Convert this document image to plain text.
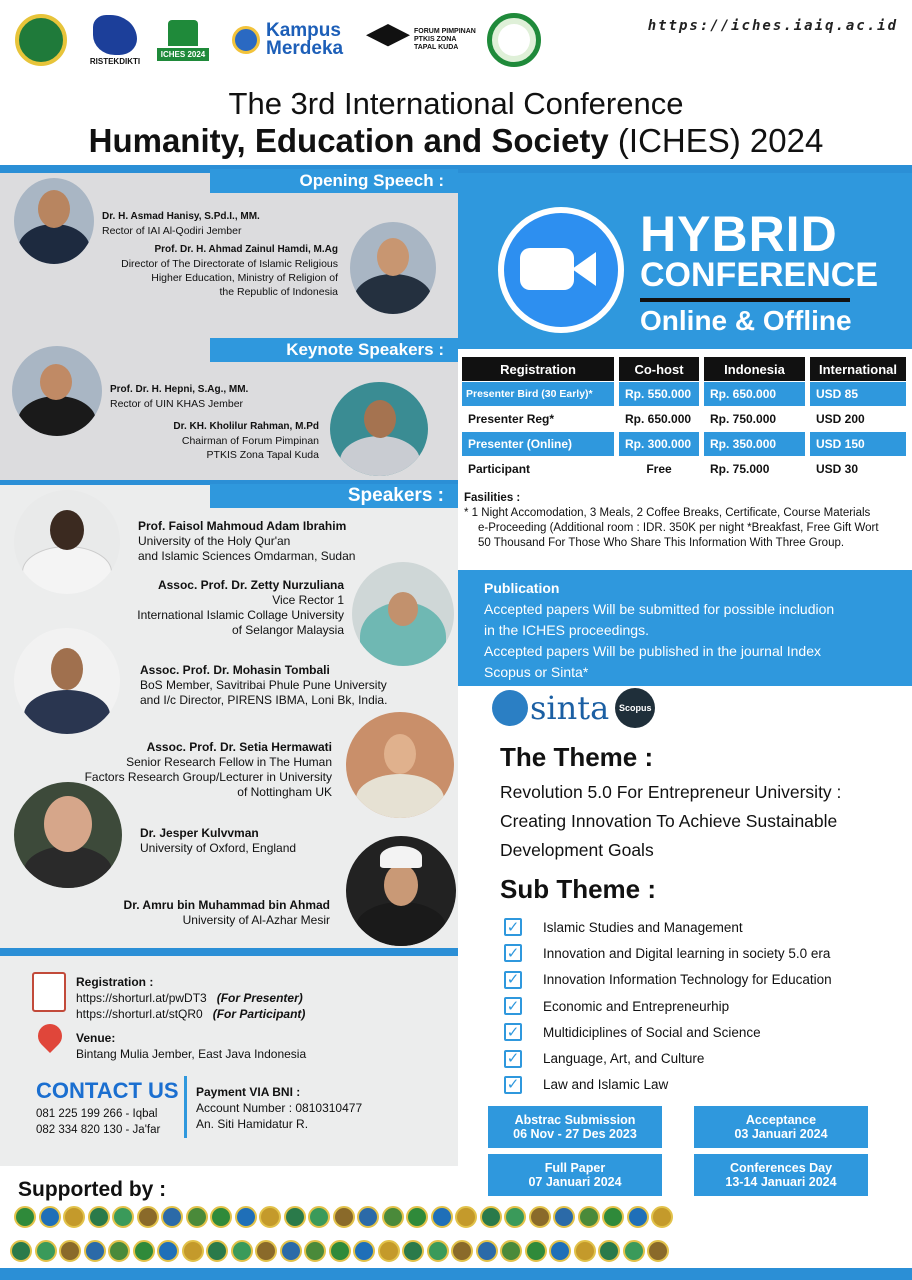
RISTEKDIKTI
ICHES 2024
Kampus Merdeka
FORUM PIMPINAN PTKIS ZONA TAPAL KUDA
https://iches.iaiq.ac.id
The 3rd International Conference
Humanity, Education and Society (ICHES) 2024
Opening Speech :
Dr. H. Asmad Hanisy, S.Pd.I., MM.
Rector of IAI Al-Qodiri Jember
Prof. Dr. H. Ahmad Zainul Hamdi, M.Ag
Director of The Directorate of Islamic Religious
Higher Education, Ministry of Religion of
the Republic of Indonesia
Keynote Speakers :
Prof. Dr. H. Hepni, S.Ag., MM.
Rector of UIN KHAS Jember
Dr. KH. Kholilur Rahman, M.Pd
Chairman of Forum Pimpinan
PTKIS Zona Tapal Kuda
Speakers :
Prof. Faisol Mahmoud Adam Ibrahim
University of the Holy Qur'an
and Islamic Sciences Omdarman, Sudan
Assoc. Prof. Dr. Zetty Nurzuliana
Vice Rector 1
International Islamic Collage University
of Selangor Malaysia
Assoc. Prof. Dr. Mohasin Tombali
BoS Member, Savitribai Phule Pune University
and I/c Director, PIRENS IBMA, Loni Bk, India.
Assoc. Prof. Dr. Setia Hermawati
Senior Research Fellow in The Human
Factors Research Group/Lecturer in University
of Nottingham UK
Dr. Jesper Kulvvman
University of Oxford, England
Dr. Amru bin Muhammad bin Ahmad
University of Al-Azhar Mesir
HYBRID
CONFERENCE
Online & Offline
Registration	Co-host	Indonesia	International
Presenter Bird (30 Early)*	Rp. 550.000	Rp. 650.000	USD 85
Presenter Reg*	Rp. 650.000	Rp. 750.000	USD 200
Presenter (Online)	Rp. 300.000	Rp. 350.000	USD 150
Participant	Free	Rp. 75.000	USD 30
Fasilities :
* 1 Night Accomodation, 3 Meals, 2 Coffee Breaks, Certificate, Course Materials
e-Proceeding (Additional room : IDR. 350K per night *Breakfast, Free Gift Wort
50 Thousand For Those Who Share This Information With Three Group.
Publication
Accepted papers Will be submitted for possible includion
in the ICHES proceedings.
Accepted papers Will be published in the journal Index
Scopus or Sinta*
sinta	Scopus
The Theme :
Revolution 5.0 For Entrepreneur University :
Creating Innovation To Achieve Sustainable
Development Goals
Sub Theme :
✓ Islamic Studies and Management
✓ Innovation and Digital learning in society 5.0 era
✓ Innovation Information Technology for Education
✓ Economic and Entrepreneurhip
✓ Multidiciplines of Social and Science
✓ Language, Art, and Culture
✓ Law and Islamic Law
Abstrac Submission
06 Nov - 27 Des 2023
Acceptance
03 Januari 2024
Full Paper
07 Januari 2024
Conferences Day
13-14 Januari 2024
Registration :
https://shorturl.at/pwDT3 (For Presenter)
https://shorturl.at/stQR0 (For Participant)
Venue:
Bintang Mulia Jember, East Java Indonesia
CONTACT US
081 225 199 266 - Iqbal
082 334 820 130 - Ja'far
Payment VIA BNI :
Account Number : 0810310477
An. Siti Hamidatur R.
Supported by :
